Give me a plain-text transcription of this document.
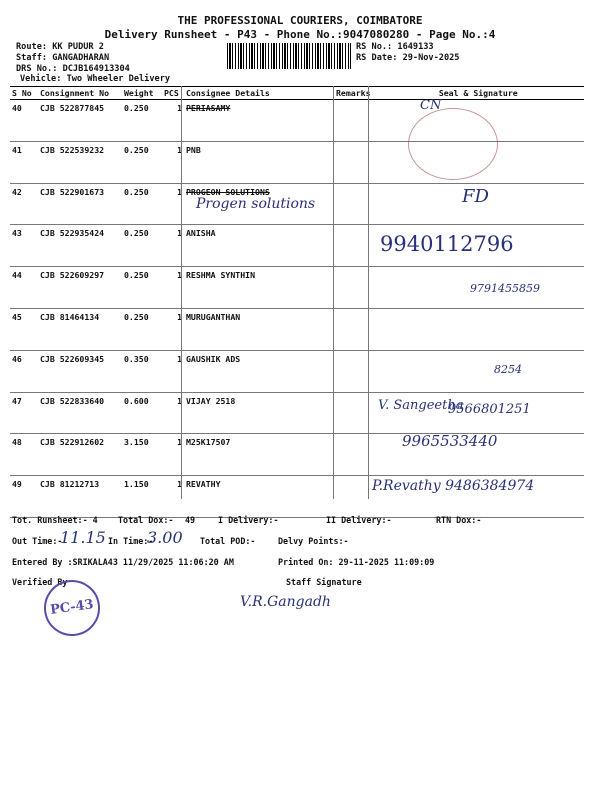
THE PROFESSIONAL COURIERS, COIMBATORE
Delivery Runsheet - P43 - Phone No.:9047080280 - Page No.:4
Route: KK PUDUR 2
Staff: GANGADHARAN
DRS No.: DCJB164913304
RS No.: 1649133
RS Date: 29-Nov-2025
Vehicle: Two Wheeler Delivery
S No	Consignment No	Weight	PCS	Consignee Details	Remarks	Seal & Signature
40	CJB 522877845	0.250	1	PERIASAMY		
41	CJB 522539232	0.250	1	PNB		
42	CJB 522901673	0.250	1	PROGEON SOLUTIONS		
43	CJB 522935424	0.250	1	ANISHA		
44	CJB 522609297	0.250	1	RESHMA SYNTHIN		
45	CJB 81464134	0.250	1	MURUGANTHAN		
46	CJB 522609345	0.350	1	GAUSHIK ADS		
47	CJB 522833640	0.600	1	VIJAY 2518		
48	CJB 522912602	3.150	1	M25K17507		
49	CJB 81212713	1.150	1	REVATHY		
CN
Progen solutions	FD
9940112796
9791455859
8254
V. Sangeetha
9566801251
9965533440
P.Revathy 9486384974
Tot. Runsheet:- 4 Total Dox:- 49	I Delivery:-	II Delivery:-	RTN Dox:-
Out Time:-
11.15 In Time:-
3.00 Total POD:-	Delvy Points:-
Entered By :SRIKALA43 11/29/2025 11:06:20 AM	Printed On: 29-11-2025 11:09:09
Verified By	Staff Signature
PC-43	V.R.Gangadh
